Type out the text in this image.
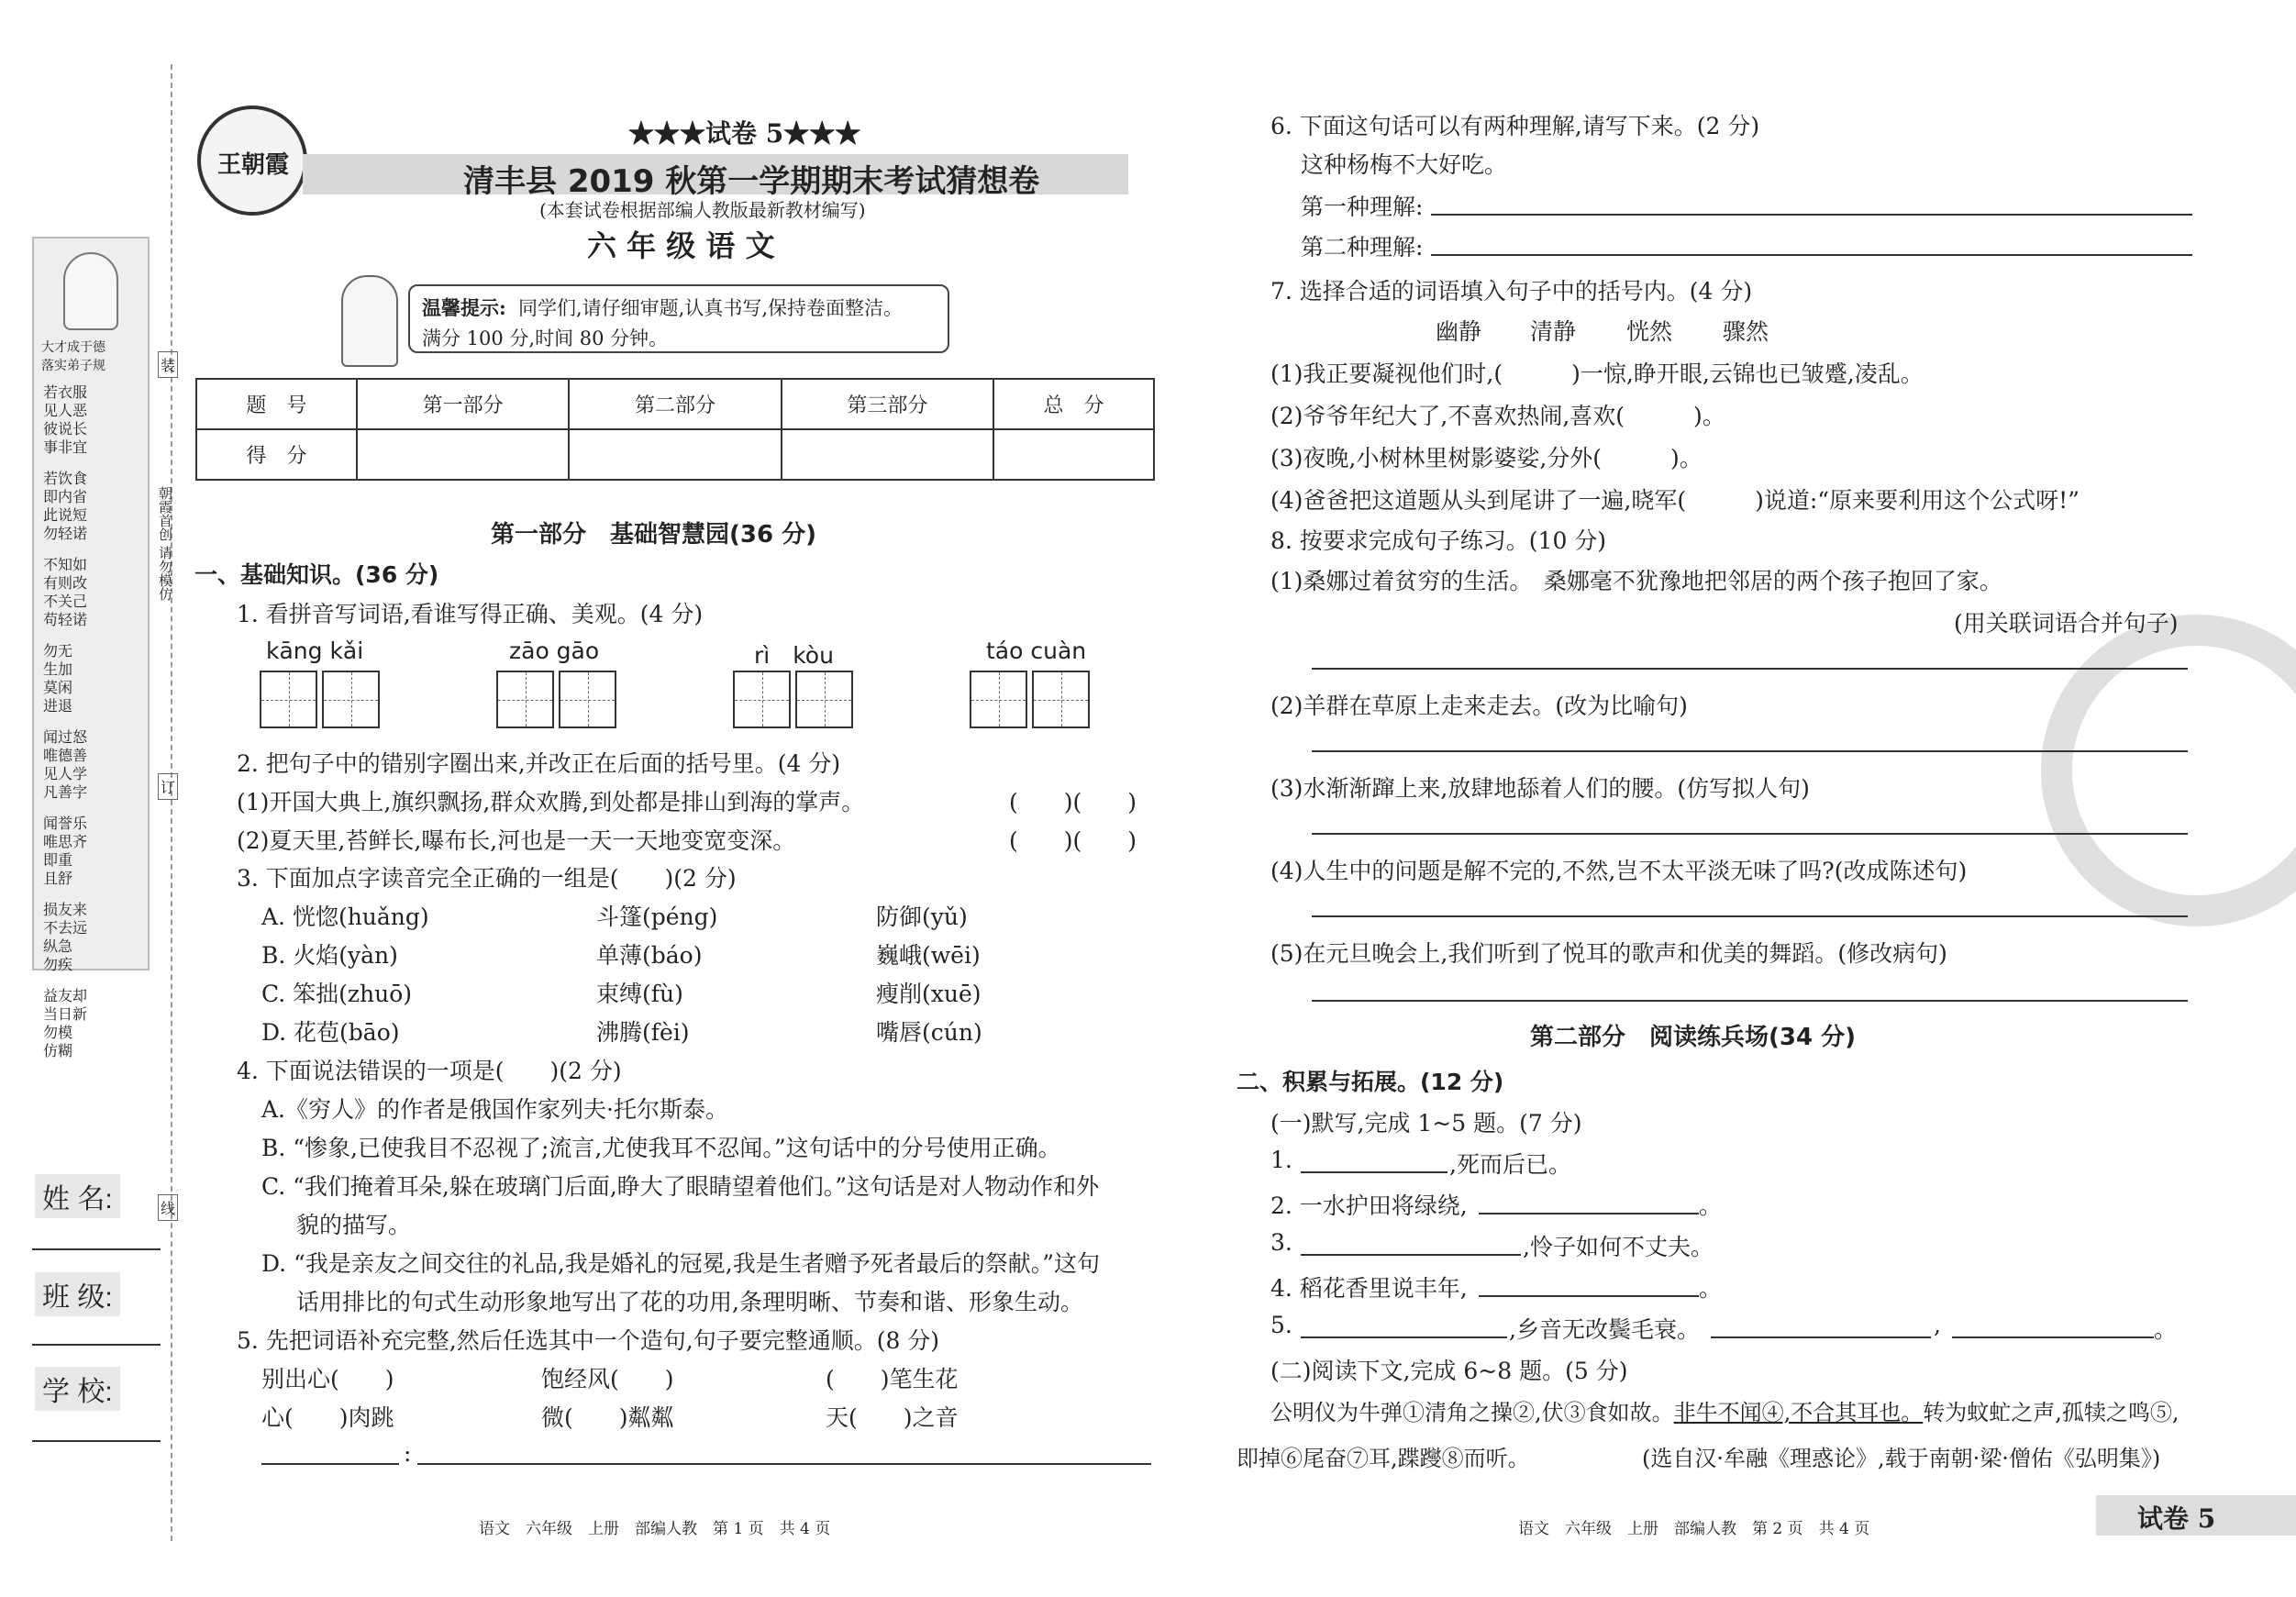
大才成于德
落实弟子规
若衣服
见人恶
彼说长
事非宜
若饮食
即内省
此说短
勿轻诺
不知如
有则改
不关己
苟轻诺
勿无
生加
莫闲
进退
闻过怒
唯德善
见人学
凡善字
闻誉乐
唯思齐
即重
且舒
损友来
不去远
纵急
勿疾
益友却
当日新
勿模
仿糊
装
订
线
朝霞首创 请勿模仿
姓 名:
班 级:
学 校:
王朝霞
★★★试卷 5★★★
清丰县 2019 秋第一学期期末考试猜想卷
(本套试卷根据部编人教版最新教材编写)
六 年 级 语 文
温馨提示: 同学们,请仔细审题,认真书写,保持卷面整洁。
满分 100 分,时间 80 分钟。
题　号	第一部分	第二部分	第三部分	总　分
得　分				
第一部分　基础智慧园(36 分)
一、基础知识。(36 分)
1. 看拼音写词语,看谁写得正确、美观。(4 分)
kāng kǎi	zāo gāo	rì　kòu	táo cuàn
2. 把句子中的错别字圈出来,并改正在后面的括号里。(4 分)
(1)开国大典上,旗织飘扬,群众欢腾,到处都是排山到海的掌声。	(　　)(　　)
(2)夏天里,苔鲜长,曝布长,河也是一天一天地变宽变深。	(　　)(　　)
3. 下面加点字读音完全正确的一组是(　　)(2 分)
A. 恍惚(huǎng)	斗篷(péng)	防御(yǔ)
B. 火焰(yàn)	单薄(báo)	巍峨(wēi)
C. 笨拙(zhuō)	束缚(fù)	瘦削(xuē)
D. 花苞(bāo)	沸腾(fèi)	嘴唇(cún)
4. 下面说法错误的一项是(　　)(2 分)
A.《穷人》的作者是俄国作家列夫·托尔斯泰。
B. “惨象,已使我目不忍视了;流言,尤使我耳不忍闻。”这句话中的分号使用正确。
C. “我们掩着耳朵,躲在玻璃门后面,睁大了眼睛望着他们。”这句话是对人物动作和外
貌的描写。
D. “我是亲友之间交往的礼品,我是婚礼的冠冕,我是生者赠予死者最后的祭献。”这句
话用排比的句式生动形象地写出了花的功用,条理明晰、节奏和谐、形象生动。
5. 先把词语补充完整,然后任选其中一个造句,句子要完整通顺。(8 分)
别出心(　　)	饱经风(　　)	(　　)笔生花
心(　　)肉跳	微(　　)粼粼	天(　　)之音
:
语文　六年级　上册　部编人教　第 1 页　共 4 页
6. 下面这句话可以有两种理解,请写下来。(2 分)
这种杨梅不大好吃。
第一种理解:
第二种理解:
7. 选择合适的词语填入句子中的括号内。(4 分)
幽静 清静 恍然 骤然
(1)我正要凝视他们时,(　　　)一惊,睁开眼,云锦也已皱蹙,凌乱。
(2)爷爷年纪大了,不喜欢热闹,喜欢(　　　)。
(3)夜晚,小树林里树影婆娑,分外(　　　)。
(4)爸爸把这道题从头到尾讲了一遍,晓军(　　　)说道:“原来要利用这个公式呀!”
8. 按要求完成句子练习。(10 分)
(1)桑娜过着贫穷的生活。　桑娜毫不犹豫地把邻居的两个孩子抱回了家。
(用关联词语合并句子)
(2)羊群在草原上走来走去。(改为比喻句)
(3)水渐渐蹿上来,放肆地舔着人们的腰。(仿写拟人句)
(4)人生中的问题是解不完的,不然,岂不太平淡无味了吗?(改成陈述句)
(5)在元旦晚会上,我们听到了悦耳的歌声和优美的舞蹈。(修改病句)
第二部分　阅读练兵场(34 分)
二、积累与拓展。(12 分)
(一)默写,完成 1~5 题。(7 分)
1.	,死而后已。
2. 一水护田将绿绕,	。
3.	,怜子如何不丈夫。
4. 稻花香里说丰年,	。
5.	,乡音无改鬓毛衰。	,	。
(二)阅读下文,完成 6~8 题。(5 分)
公明仪为牛弹①清角之操②,伏③食如故。非牛不闻④,不合其耳也。转为蚊虻之声,孤犊之鸣⑤,
即掉⑥尾奋⑦耳,蹀躞⑧而听。	(选自汉·牟融《理惑论》,载于南朝·梁·僧佑《弘明集》)
语文　六年级　上册　部编人教　第 2 页　共 4 页	试卷 5
